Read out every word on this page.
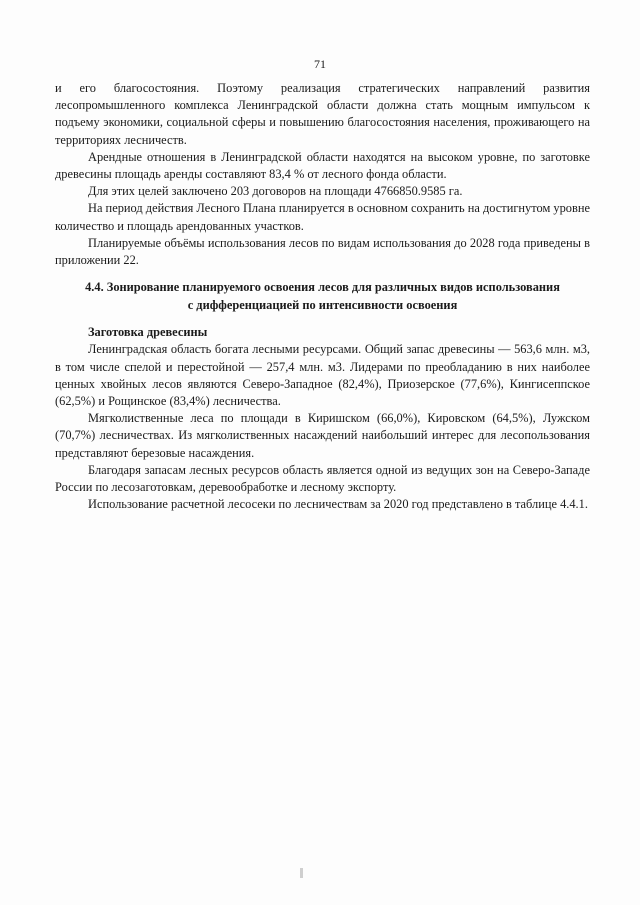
71

и его благосостояния. Поэтому реализация стратегических направлений развития лесопромышленного комплекса Ленинградской области должна стать мощным импульсом к подъему экономики, социальной сферы и повышению благосостояния населения, проживающего на территориях лесничеств.

Арендные отношения в Ленинградской области находятся на высоком уровне, по заготовке древесины площадь аренды составляют 83,4 % от лесного фонда области.

Для этих целей заключено 203 договоров на площади 4766850.9585 га.

На период действия Лесного Плана планируется в основном сохранить на достигнутом уровне количество и площадь арендованных участков.

Планируемые объёмы использования лесов по видам использования до 2028 года приведены в приложении 22.

4.4. Зонирование планируемого освоения лесов для различных видов использования
с дифференциацией по интенсивности освоения

Заготовка древесины

Ленинградская область богата лесными ресурсами. Общий запас древесины — 563,6 млн. м3, в том числе спелой и перестойной — 257,4 млн. м3. Лидерами по преобладанию в них наиболее ценных хвойных лесов являются Северо-Западное (82,4%), Приозерское (77,6%), Кингисеппское (62,5%) и Рощинское (83,4%) лесничества.

Мягколиственные леса по площади в Киришском (66,0%), Кировском (64,5%), Лужском (70,7%) лесничествах. Из мягколиственных насаждений наибольший интерес для лесопользования представляют березовые насаждения.

Благодаря запасам лесных ресурсов область является одной из ведущих зон на Северо-Западе России по лесозаготовкам, деревообработке и лесному экспорту.

Использование расчетной лесосеки по лесничествам за 2020 год представлено в таблице 4.4.1.
